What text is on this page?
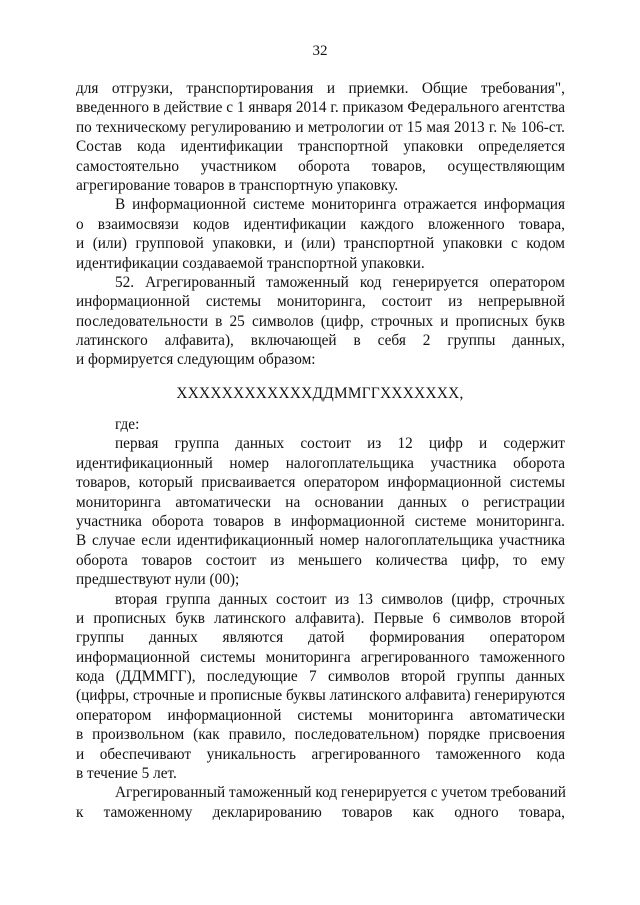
32
для отгрузки, транспортирования и приемки. Общие требования",
введенного в действие с 1 января 2014 г. приказом Федерального агентства
по техническому регулированию и метрологии от 15 мая 2013 г. № 106-ст.
Состав кода идентификации транспортной упаковки определяется
самостоятельно участником оборота товаров, осуществляющим
агрегирование товаров в транспортную упаковку.
В информационной системе мониторинга отражается информация
о взаимосвязи кодов идентификации каждого вложенного товара,
и (или) групповой упаковки, и (или) транспортной упаковки с кодом
идентификации создаваемой транспортной упаковки.
52. Агрегированный таможенный код генерируется оператором
информационной системы мониторинга, состоит из непрерывной
последовательности в 25 символов (цифр, строчных и прописных букв
латинского алфавита), включающей в себя 2 группы данных,
и формируется следующим образом:
ХХХХХХХХХХХХДДММГГХХХХХХХ,
где:
первая группа данных состоит из 12 цифр и содержит
идентификационный номер налогоплательщика участника оборота
товаров, который присваивается оператором информационной системы
мониторинга автоматически на основании данных о регистрации
участника оборота товаров в информационной системе мониторинга.
В случае если идентификационный номер налогоплательщика участника
оборота товаров состоит из меньшего количества цифр, то ему
предшествуют нули (00);
вторая группа данных состоит из 13 символов (цифр, строчных
и прописных букв латинского алфавита). Первые 6 символов второй
группы данных являются датой формирования оператором
информационной системы мониторинга агрегированного таможенного
кода (ДДММГГ), последующие 7 символов второй группы данных
(цифры, строчные и прописные буквы латинского алфавита) генерируются
оператором информационной системы мониторинга автоматически
в произвольном (как правило, последовательном) порядке присвоения
и обеспечивают уникальность агрегированного таможенного кода
в течение 5 лет.
Агрегированный таможенный код генерируется с учетом требований
к таможенному декларированию товаров как одного товара,
